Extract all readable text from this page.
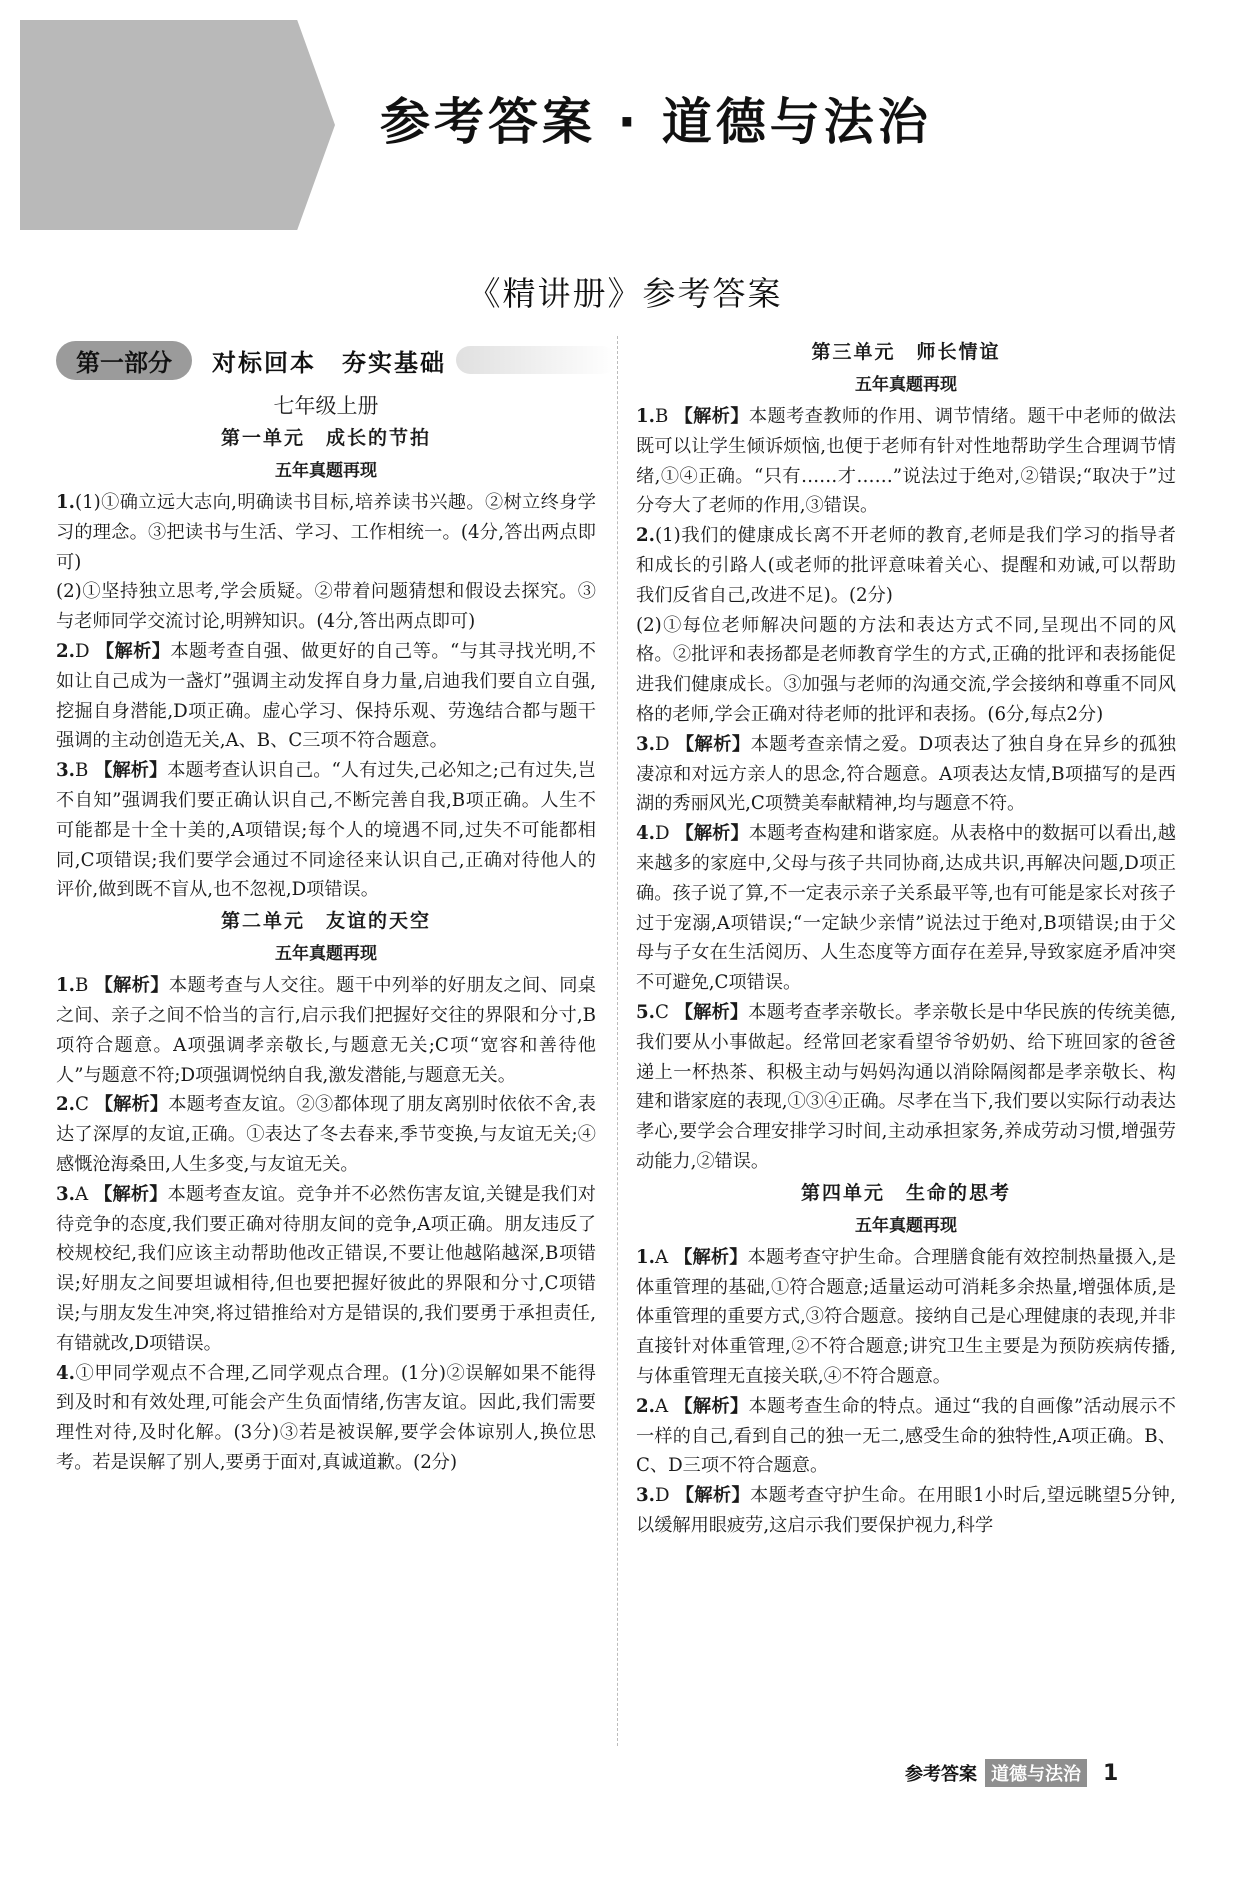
参考答案 · 道德与法治
《精讲册》参考答案
第一部分	对标回本　夯实基础

七年级上册

第一单元　成长的节拍

五年真题再现

1.(1)①确立远大志向,明确读书目标,培养读书兴趣。②树立终身学习的理念。③把读书与生活、学习、工作相统一。(4分,答出两点即可)

(2)①坚持独立思考,学会质疑。②带着问题猜想和假设去探究。③与老师同学交流讨论,明辨知识。(4分,答出两点即可)

2.D 【解析】本题考查自强、做更好的自己等。“与其寻找光明,不如让自己成为一盏灯”强调主动发挥自身力量,启迪我们要自立自强,挖掘自身潜能,D项正确。虚心学习、保持乐观、劳逸结合都与题干强调的主动创造无关,A、B、C三项不符合题意。

3.B 【解析】本题考查认识自己。“人有过失,己必知之;己有过失,岂不自知”强调我们要正确认识自己,不断完善自我,B项正确。人生不可能都是十全十美的,A项错误;每个人的境遇不同,过失不可能都相同,C项错误;我们要学会通过不同途径来认识自己,正确对待他人的评价,做到既不盲从,也不忽视,D项错误。

第二单元　友谊的天空

五年真题再现

1.B 【解析】本题考查与人交往。题干中列举的好朋友之间、同桌之间、亲子之间不恰当的言行,启示我们把握好交往的界限和分寸,B项符合题意。A项强调孝亲敬长,与题意无关;C项“宽容和善待他人”与题意不符;D项强调悦纳自我,激发潜能,与题意无关。

2.C 【解析】本题考查友谊。②③都体现了朋友离别时依依不舍,表达了深厚的友谊,正确。①表达了冬去春来,季节变换,与友谊无关;④感慨沧海桑田,人生多变,与友谊无关。

3.A 【解析】本题考查友谊。竞争并不必然伤害友谊,关键是我们对待竞争的态度,我们要正确对待朋友间的竞争,A项正确。朋友违反了校规校纪,我们应该主动帮助他改正错误,不要让他越陷越深,B项错误;好朋友之间要坦诚相待,但也要把握好彼此的界限和分寸,C项错误;与朋友发生冲突,将过错推给对方是错误的,我们要勇于承担责任,有错就改,D项错误。

4.①甲同学观点不合理,乙同学观点合理。(1分)②误解如果不能得到及时和有效处理,可能会产生负面情绪,伤害友谊。因此,我们需要理性对待,及时化解。(3分)③若是被误解,要学会体谅别人,换位思考。若是误解了别人,要勇于面对,真诚道歉。(2分)

第三单元　师长情谊

五年真题再现

1.B 【解析】本题考查教师的作用、调节情绪。题干中老师的做法既可以让学生倾诉烦恼,也便于老师有针对性地帮助学生合理调节情绪,①④正确。“只有……才……”说法过于绝对,②错误;“取决于”过分夸大了老师的作用,③错误。

2.(1)我们的健康成长离不开老师的教育,老师是我们学习的指导者和成长的引路人(或老师的批评意味着关心、提醒和劝诫,可以帮助我们反省自己,改进不足)。(2分)

(2)①每位老师解决问题的方法和表达方式不同,呈现出不同的风格。②批评和表扬都是老师教育学生的方式,正确的批评和表扬能促进我们健康成长。③加强与老师的沟通交流,学会接纳和尊重不同风格的老师,学会正确对待老师的批评和表扬。(6分,每点2分)

3.D 【解析】本题考查亲情之爱。D项表达了独自身在异乡的孤独凄凉和对远方亲人的思念,符合题意。A项表达友情,B项描写的是西湖的秀丽风光,C项赞美奉献精神,均与题意不符。

4.D 【解析】本题考查构建和谐家庭。从表格中的数据可以看出,越来越多的家庭中,父母与孩子共同协商,达成共识,再解决问题,D项正确。孩子说了算,不一定表示亲子关系最平等,也有可能是家长对孩子过于宠溺,A项错误;“一定缺少亲情”说法过于绝对,B项错误;由于父母与子女在生活阅历、人生态度等方面存在差异,导致家庭矛盾冲突不可避免,C项错误。

5.C 【解析】本题考查孝亲敬长。孝亲敬长是中华民族的传统美德,我们要从小事做起。经常回老家看望爷爷奶奶、给下班回家的爸爸递上一杯热茶、积极主动与妈妈沟通以消除隔阂都是孝亲敬长、构建和谐家庭的表现,①③④正确。尽孝在当下,我们要以实际行动表达孝心,要学会合理安排学习时间,主动承担家务,养成劳动习惯,增强劳动能力,②错误。

第四单元　生命的思考

五年真题再现

1.A 【解析】本题考查守护生命。合理膳食能有效控制热量摄入,是体重管理的基础,①符合题意;适量运动可消耗多余热量,增强体质,是体重管理的重要方式,③符合题意。接纳自己是心理健康的表现,并非直接针对体重管理,②不符合题意;讲究卫生主要是为预防疾病传播,与体重管理无直接关联,④不符合题意。

2.A 【解析】本题考查生命的特点。通过“我的自画像”活动展示不一样的自己,看到自己的独一无二,感受生命的独特性,A项正确。B、C、D三项不符合题意。

3.D 【解析】本题考查守护生命。在用眼1小时后,望远眺望5分钟,以缓解用眼疲劳,这启示我们要保护视力,科学

参考答案 道德与法治 1
